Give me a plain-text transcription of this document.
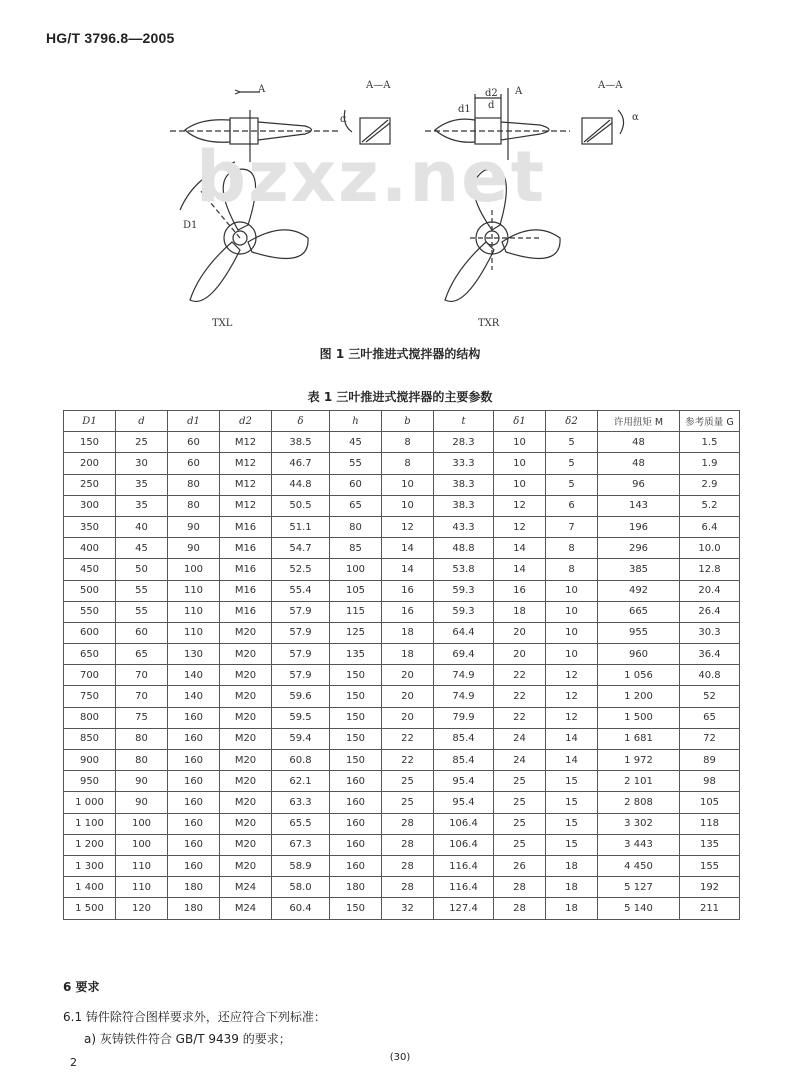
HG/T 3796.8—2005
bzxz.net
A—A	A—A
A	A
d1
d2
d
α
α
D1
TXL	TXR
图 1 三叶推进式搅拌器的结构
表 1 三叶推进式搅拌器的主要参数
D1	d	d1	d2	δ	h	b	t	δ1	δ2	许用扭矩 M	参考质量 G
150	25	60	M12	38.5	45	8	28.3	10	5	48	1.5
200	30	60	M12	46.7	55	8	33.3	10	5	48	1.9
250	35	80	M12	44.8	60	10	38.3	10	5	96	2.9
300	35	80	M12	50.5	65	10	38.3	12	6	143	5.2
350	40	90	M16	51.1	80	12	43.3	12	7	196	6.4
400	45	90	M16	54.7	85	14	48.8	14	8	296	10.0
450	50	100	M16	52.5	100	14	53.8	14	8	385	12.8
500	55	110	M16	55.4	105	16	59.3	16	10	492	20.4
550	55	110	M16	57.9	115	16	59.3	18	10	665	26.4
600	60	110	M20	57.9	125	18	64.4	20	10	955	30.3
650	65	130	M20	57.9	135	18	69.4	20	10	960	36.4
700	70	140	M20	57.9	150	20	74.9	22	12	1 056	40.8
750	70	140	M20	59.6	150	20	74.9	22	12	1 200	52
800	75	160	M20	59.5	150	20	79.9	22	12	1 500	65
850	80	160	M20	59.4	150	22	85.4	24	14	1 681	72
900	80	160	M20	60.8	150	22	85.4	24	14	1 972	89
950	90	160	M20	62.1	160	25	95.4	25	15	2 101	98
1 000	90	160	M20	63.3	160	25	95.4	25	15	2 808	105
1 100	100	160	M20	65.5	160	28	106.4	25	15	3 302	118
1 200	100	160	M20	67.3	160	28	106.4	25	15	3 443	135
1 300	110	160	M20	58.9	160	28	116.4	26	18	4 450	155
1 400	110	180	M24	58.0	180	28	116.4	28	18	5 127	192
1 500	120	180	M24	60.4	150	32	127.4	28	18	5 140	211
6 要求
6.1 铸件除符合图样要求外，还应符合下列标准：
a) 灰铸铁件符合 GB/T 9439 的要求；
2	(30)
